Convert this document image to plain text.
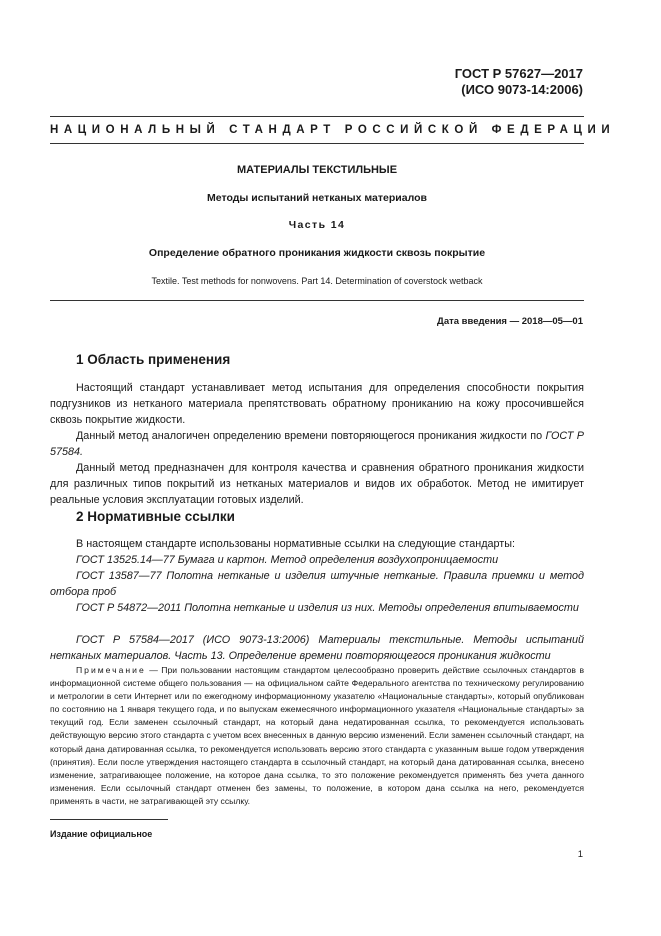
ГОСТ Р 57627—2017
(ИСО 9073-14:2006)
НАЦИОНАЛЬНЫЙ СТАНДАРТ РОССИЙСКОЙ ФЕДЕРАЦИИ
МАТЕРИАЛЫ ТЕКСТИЛЬНЫЕ
Методы испытаний нетканых материалов
Часть 14
Определение обратного проникания жидкости сквозь покрытие
Textile. Test methods for nonwovens. Part 14. Determination of coverstock wetback
Дата введения — 2018—05—01
1 Область применения

Настоящий стандарт устанавливает метод испытания для определения способности покрытия подгузников из нетканого материала препятствовать обратному прониканию на кожу просочившейся сквозь покрытие жидкости.

Данный метод аналогичен определению времени повторяющегося проникания жидкости по ГОСТ Р 57584.

Данный метод предназначен для контроля качества и сравнения обратного проникания жидкости для различных типов покрытий из нетканых материалов и видов их обработок. Метод не имитирует реальные условия эксплуатации готовых изделий.

2 Нормативные ссылки

В настоящем стандарте использованы нормативные ссылки на следующие стандарты:

ГОСТ 13525.14—77 Бумага и картон. Метод определения воздухопроницаемости

ГОСТ 13587—77 Полотна нетканые и изделия штучные нетканые. Правила приемки и метод отбора проб

ГОСТ Р 54872—2011 Полотна нетканые и изделия из них. Методы определения впитываемости

ГОСТ Р 57584—2017 (ИСО 9073-13:2006) Материалы текстильные. Методы испытаний нетканых материалов. Часть 13. Определение времени повторяющегося проникания жидкости

Примечание — При пользовании настоящим стандартом целесообразно проверить действие ссылочных стандартов в информационной системе общего пользования — на официальном сайте Федерального агентства по техническому регулированию и метрологии в сети Интернет или по ежегодному информационному указателю «Национальные стандарты», который опубликован по состоянию на 1 января текущего года, и по выпускам ежемесячного информационного указателя «Национальные стандарты» за текущий год. Если заменен ссылочный стандарт, на который дана недатированная ссылка, то рекомендуется использовать действующую версию этого стандарта с учетом всех внесенных в данную версию изменений. Если заменен ссылочный стандарт, на который дана датированная ссылка, то рекомендуется использовать версию этого стандарта с указанным выше годом утверждения (принятия). Если после утверждения настоящего стандарта в ссылочный стандарт, на который дана датированная ссылка, внесено изменение, затрагивающее положение, на которое дана ссылка, то это положение рекомендуется применять без учета данного изменения. Если ссылочный стандарт отменен без замены, то положение, в котором дана ссылка на него, рекомендуется применять в части, не затрагивающей эту ссылку.

Издание официальное
1
